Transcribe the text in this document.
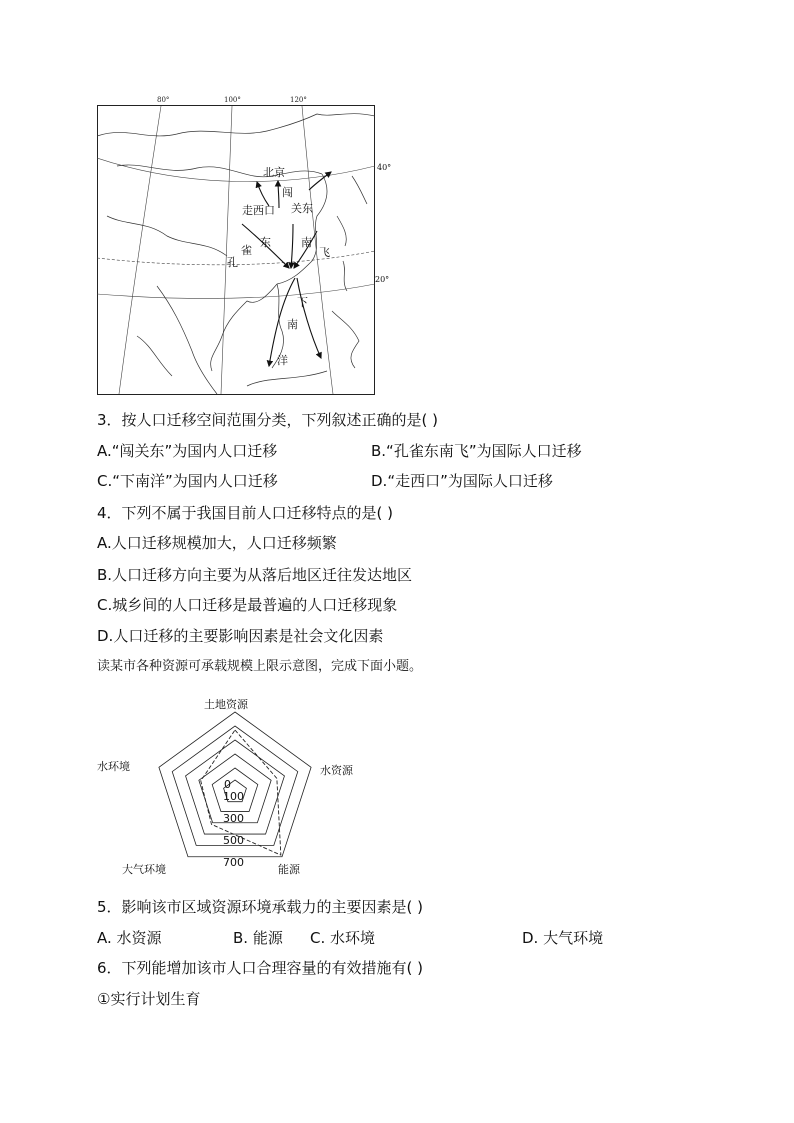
80°	100°	120°
北京
走西口
闯
关东
孔
雀
东	南
飞
下
南
洋
40°
20°
3．按人口迁移空间范围分类，下列叙述正确的是( )
A.“闯关东”为国内人口迁移	B.“孔雀东南飞”为国际人口迁移
C.“下南洋”为国内人口迁移	D.“走西口”为国际人口迁移
4．下列不属于我国目前人口迁移特点的是( )
A.人口迁移规模加大，人口迁移频繁
B.人口迁移方向主要为从落后地区迁往发达地区
C.城乡间的人口迁移是最普遍的人口迁移现象
D.人口迁移的主要影响因素是社会文化因素
读某市各种资源可承载规模上限示意图，完成下面小题。
土地资源
水资源
能源
大气环境
水环境
0
100
300
500
700
5．影响该市区域资源环境承载力的主要因素是( )
A. 水资源	B. 能源 C. 水环境	D. 大气环境
6．下列能增加该市人口合理容量的有效措施有( )
①实行计划生育
